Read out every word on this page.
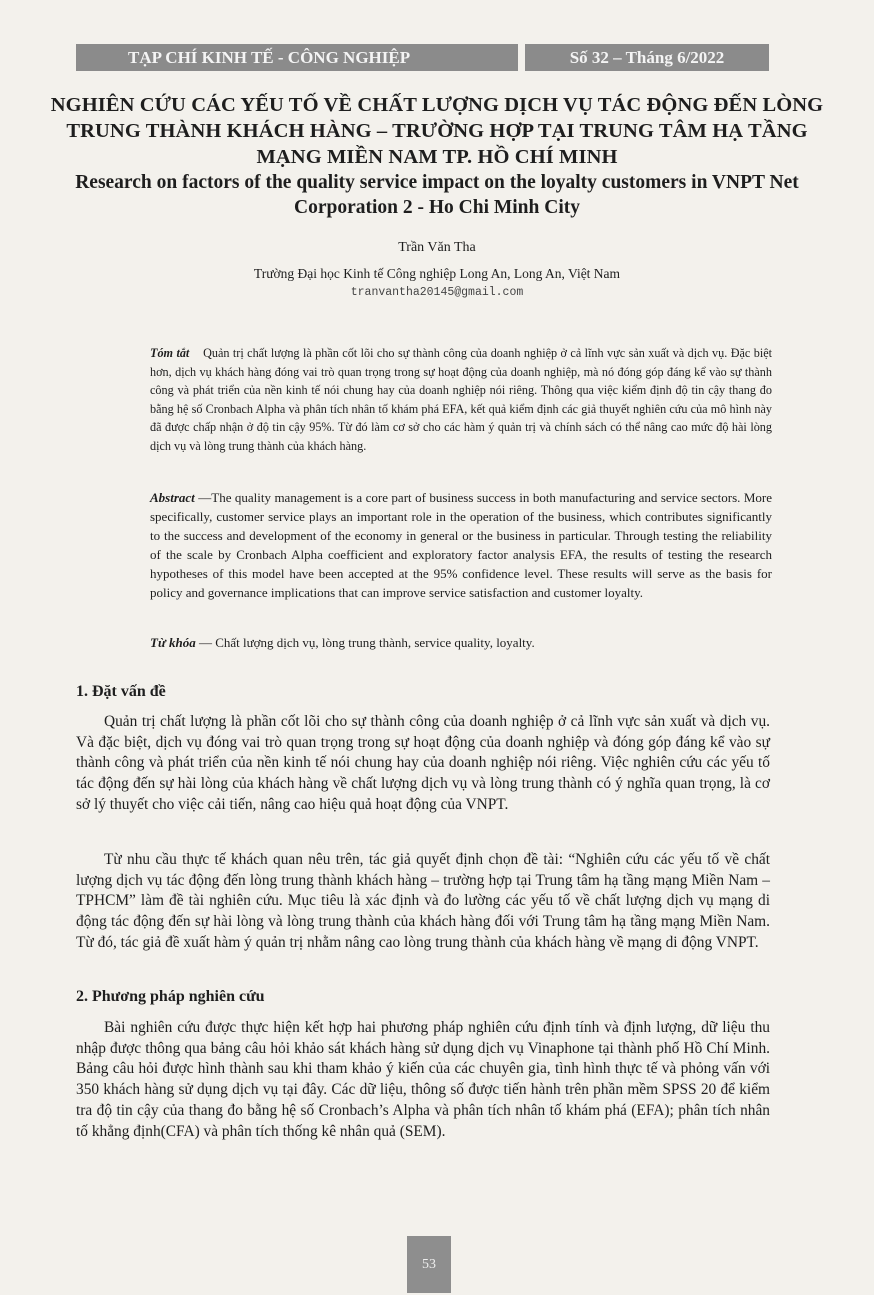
TẠP CHÍ KINH TẾ - CÔNG NGHIỆP	Số 32 – Tháng 6/2022
NGHIÊN CỨU CÁC YẾU TỐ VỀ CHẤT LƯỢNG DỊCH VỤ TÁC ĐỘNG ĐẾN LÒNG TRUNG THÀNH KHÁCH HÀNG – TRƯỜNG HỢP TẠI TRUNG TÂM HẠ TẦNG MẠNG MIỀN NAM TP. HỒ CHÍ MINH
Research on factors of the quality service impact on the loyalty customers in VNPT Net Corporation 2 - Ho Chi Minh City
Trần Văn Tha
Trường Đại học Kinh tế Công nghiệp Long An, Long An, Việt Nam
tranvantha20145@gmail.com
Tóm tắt Quản trị chất lượng là phần cốt lõi cho sự thành công của doanh nghiệp ở cả lĩnh vực sản xuất và dịch vụ. Đặc biệt hơn, dịch vụ khách hàng đóng vai trò quan trọng trong sự hoạt động của doanh nghiệp, mà nó đóng góp đáng kể vào sự thành công và phát triển của nền kinh tế nói chung hay của doanh nghiệp nói riêng. Thông qua việc kiểm định độ tin cậy thang đo bằng hệ số Cronbach Alpha và phân tích nhân tố khám phá EFA, kết quả kiểm định các giả thuyết nghiên cứu của mô hình này đã được chấp nhận ở độ tin cậy 95%. Từ đó làm cơ sở cho các hàm ý quản trị và chính sách có thể nâng cao mức độ hài lòng dịch vụ và lòng trung thành của khách hàng.
Abstract —The quality management is a core part of business success in both manufacturing and service sectors. More specifically, customer service plays an important role in the operation of the business, which contributes significantly to the success and development of the economy in general or the business in particular. Through testing the reliability of the scale by Cronbach Alpha coefficient and exploratory factor analysis EFA, the results of testing the research hypotheses of this model have been accepted at the 95% confidence level. These results will serve as the basis for policy and governance implications that can improve service satisfaction and customer loyalty.
Từ khóa — Chất lượng dịch vụ, lòng trung thành, service quality, loyalty.
1. Đặt vấn đề
Quản trị chất lượng là phần cốt lõi cho sự thành công của doanh nghiệp ở cả lĩnh vực sản xuất và dịch vụ. Và đặc biệt, dịch vụ đóng vai trò quan trọng trong sự hoạt động của doanh nghiệp và đóng góp đáng kể vào sự thành công và phát triển của nền kinh tế nói chung hay của doanh nghiệp nói riêng. Việc nghiên cứu các yếu tố tác động đến sự hài lòng của khách hàng về chất lượng dịch vụ và lòng trung thành có ý nghĩa quan trọng, là cơ sở lý thuyết cho việc cải tiến, nâng cao hiệu quả hoạt động của VNPT.
Từ nhu cầu thực tế khách quan nêu trên, tác giả quyết định chọn đề tài: “Nghiên cứu các yếu tố về chất lượng dịch vụ tác động đến lòng trung thành khách hàng – trường hợp tại Trung tâm hạ tầng mạng Miền Nam – TPHCM” làm đề tài nghiên cứu. Mục tiêu là xác định và đo lường các yếu tố về chất lượng dịch vụ mạng di động tác động đến sự hài lòng và lòng trung thành của khách hàng đối với Trung tâm hạ tầng mạng Miền Nam. Từ đó, tác giả đề xuất hàm ý quản trị nhằm nâng cao lòng trung thành của khách hàng về mạng di động VNPT.
2. Phương pháp nghiên cứu
Bài nghiên cứu được thực hiện kết hợp hai phương pháp nghiên cứu định tính và định lượng, dữ liệu thu nhập được thông qua bảng câu hỏi khảo sát khách hàng sử dụng dịch vụ Vinaphone tại thành phố Hồ Chí Minh. Bảng câu hỏi được hình thành sau khi tham khảo ý kiến của các chuyên gia, tình hình thực tế và phỏng vấn với 350 khách hàng sử dụng dịch vụ tại đây. Các dữ liệu, thông số được tiến hành trên phần mềm SPSS 20 để kiểm tra độ tin cậy của thang đo bằng hệ số Cronbach’s Alpha và phân tích nhân tố khám phá (EFA); phân tích nhân tố khẳng định(CFA) và phân tích thống kê nhân quả (SEM).
53
